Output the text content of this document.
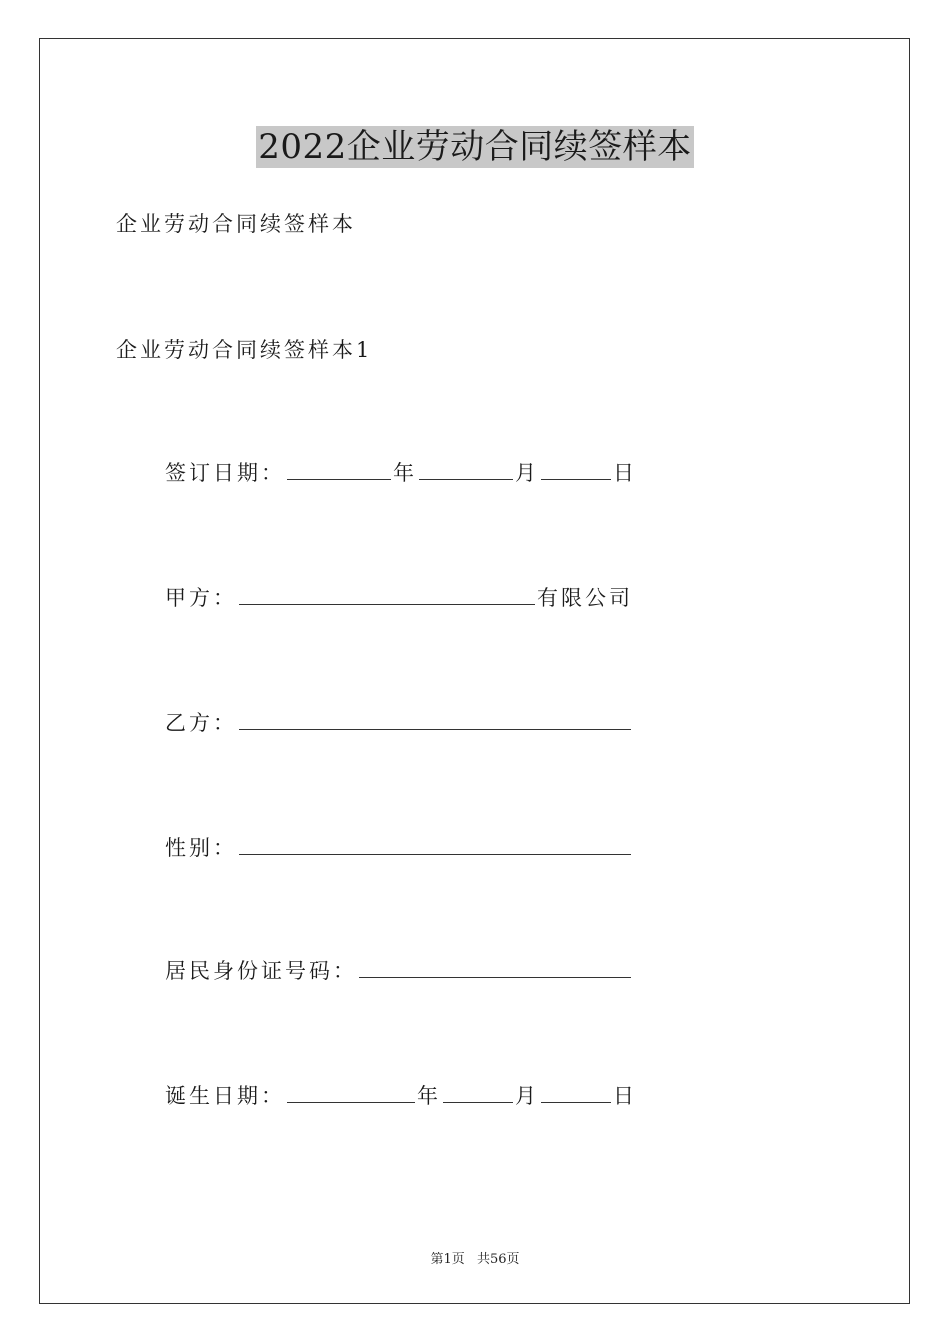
2022企业劳动合同续签样本
企业劳动合同续签样本
企业劳动合同续签样本1
签订日期：	年	月	日
甲方：	有限公司
乙方：
性别：
居民身份证号码：
诞生日期：	年	月	日
第1页 共56页
